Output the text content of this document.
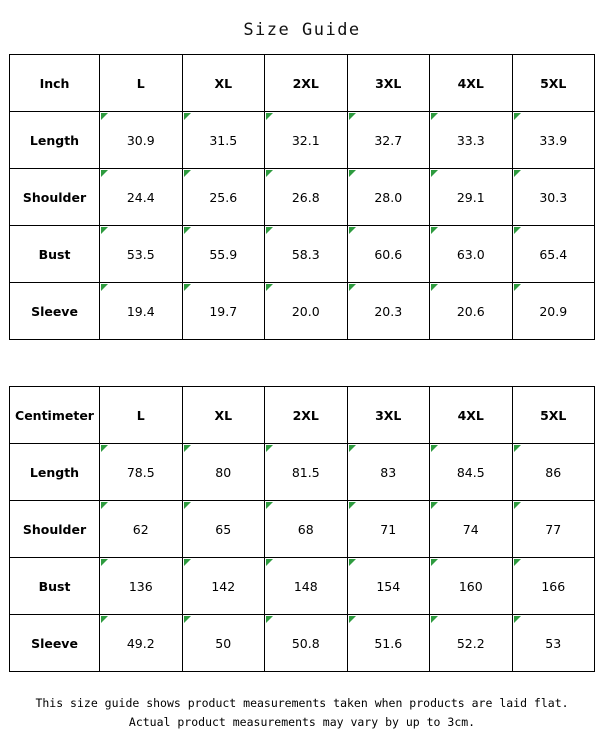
Size Guide
Inch	L	XL	2XL	3XL	4XL	5XL
Length	30.9	31.5	32.1	32.7	33.3	33.9
Shoulder	24.4	25.6	26.8	28.0	29.1	30.3
Bust	53.5	55.9	58.3	60.6	63.0	65.4
Sleeve	19.4	19.7	20.0	20.3	20.6	20.9
Centimeter	L	XL	2XL	3XL	4XL	5XL
Length	78.5	80	81.5	83	84.5	86
Shoulder	62	65	68	71	74	77
Bust	136	142	148	154	160	166
Sleeve	49.2	50	50.8	51.6	52.2	53
This size guide shows product measurements taken when products are laid flat. Actual product measurements may vary by up to 3cm.
